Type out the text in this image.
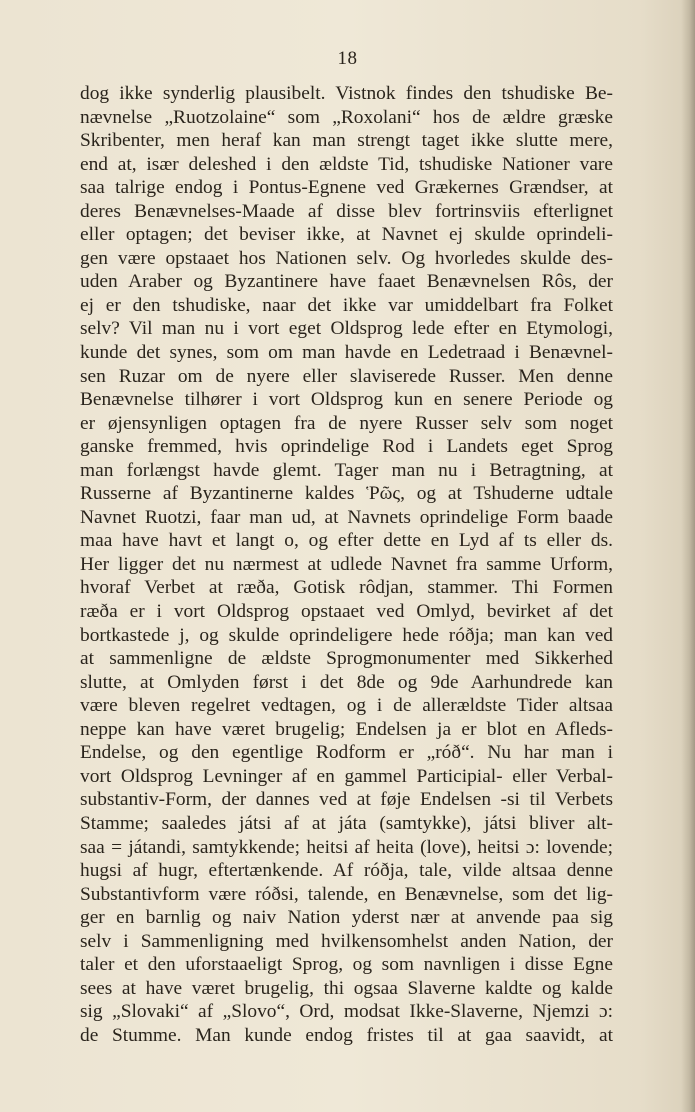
18
dog ikke synderlig plausibelt. Vistnok findes den tshudiske Be-
nævnelse „Ruotzolaine“ som „Roxolani“ hos de ældre græske
Skribenter, men heraf kan man strengt taget ikke slutte mere,
end at, især deleshed i den ældste Tid, tshudiske Nationer vare
saa talrige endog i Pontus-Egnene ved Grækernes Grændser, at
deres Benævnelses-Maade af disse blev fortrinsviis efterlignet
eller optagen; det beviser ikke, at Navnet ej skulde oprindeli-
gen være opstaaet hos Nationen selv. Og hvorledes skulde des-
uden Araber og Byzantinere have faaet Benævnelsen Rôs, der
ej er den tshudiske, naar det ikke var umiddelbart fra Folket
selv? Vil man nu i vort eget Oldsprog lede efter en Etymologi,
kunde det synes, som om man havde en Ledetraad i Benævnel-
sen Ruzar om de nyere eller slaviserede Russer. Men denne
Benævnelse tilhører i vort Oldsprog kun en senere Periode og
er øjensynligen optagen fra de nyere Russer selv som noget
ganske fremmed, hvis oprindelige Rod i Landets eget Sprog
man forlængst havde glemt. Tager man nu i Betragtning, at
Russerne af Byzantinerne kaldes Ῥῶς, og at Tshuderne udtale
Navnet Ruotzi, faar man ud, at Navnets oprindelige Form baade
maa have havt et langt o, og efter dette en Lyd af ts eller ds.
Her ligger det nu nærmest at udlede Navnet fra samme Urform,
hvoraf Verbet at ræða, Gotisk rôdjan, stammer. Thi Formen
ræða er i vort Oldsprog opstaaet ved Omlyd, bevirket af det
bortkastede j, og skulde oprindeligere hede róðja; man kan ved
at sammenligne de ældste Sprogmonumenter med Sikkerhed
slutte, at Omlyden først i det 8de og 9de Aarhundrede kan
være bleven regelret vedtagen, og i de allerældste Tider altsaa
neppe kan have været brugelig; Endelsen ja er blot en Afleds-
Endelse, og den egentlige Rodform er „róð“. Nu har man i
vort Oldsprog Levninger af en gammel Participial- eller Verbal-
substantiv-Form, der dannes ved at føje Endelsen -si til Verbets
Stamme; saaledes játsi af at játa (samtykke), játsi bliver alt-
saa = játandi, samtykkende; heitsi af heita (love), heitsi ɔ: lovende;
hugsi af hugr, eftertænkende. Af róðja, tale, vilde altsaa denne
Substantivform være róðsi, talende, en Benævnelse, som det lig-
ger en barnlig og naiv Nation yderst nær at anvende paa sig
selv i Sammenligning med hvilkensomhelst anden Nation, der
taler et den uforstaaeligt Sprog, og som navnligen i disse Egne
sees at have været brugelig, thi ogsaa Slaverne kaldte og kalde
sig „Slovaki“ af „Slovo“, Ord, modsat Ikke-Slaverne, Njemzi ɔ:
de Stumme. Man kunde endog fristes til at gaa saavidt, at
